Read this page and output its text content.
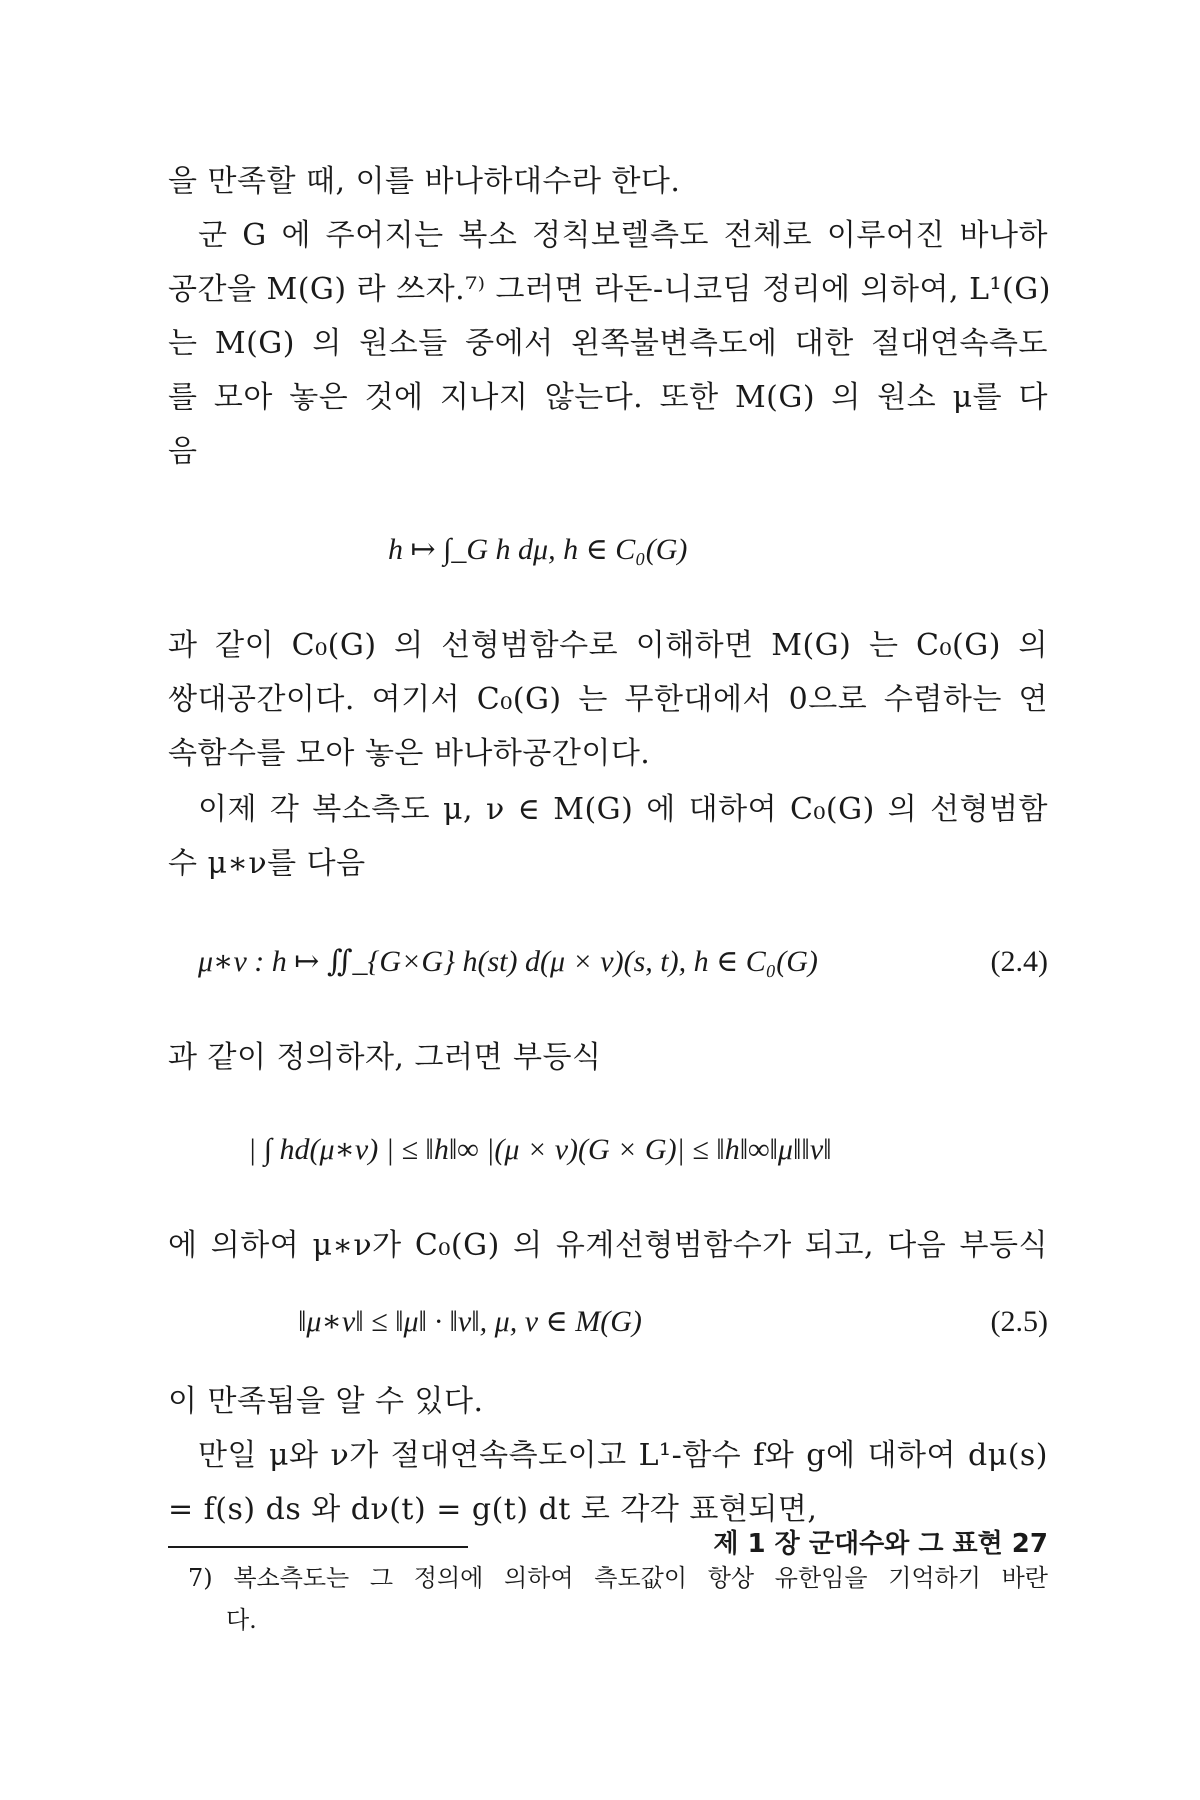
을 만족할 때, 이를 바나하대수라 한다.
군 G 에 주어지는 복소 정칙보렐측도 전체로 이루어진 바나하
공간을 M(G) 라 쓰자.⁷⁾ 그러면 라돈-니코딤 정리에 의하여, L¹(G)
는 M(G) 의 원소들 중에서 왼쪽불변측도에 대한 절대연속측도
를 모아 놓은 것에 지나지 않는다. 또한 M(G) 의 원소 μ를 다
음
h ↦ ∫_G h dμ, h ∈ C₀(G)
과 같이 C₀(G) 의 선형범함수로 이해하면 M(G) 는 C₀(G) 의
쌍대공간이다. 여기서 C₀(G) 는 무한대에서 0으로 수렴하는 연
속함수를 모아 놓은 바나하공간이다.
이제 각 복소측도 μ, ν ∈ M(G) 에 대하여 C₀(G) 의 선형범함
수 μ∗ν를 다음
μ∗ν : h ↦ ∬_{G×G} h(st) d(μ × ν)(s, t), h ∈ C₀(G)	(2.4)
과 같이 정의하자, 그러면 부등식
| ∫ hd(μ∗ν) | ≤ ‖h‖∞ |(μ × ν)(G × G)| ≤ ‖h‖∞‖μ‖‖ν‖
에 의하여 μ∗ν가 C₀(G) 의 유계선형범함수가 되고, 다음 부등식
‖μ∗ν‖ ≤ ‖μ‖ · ‖ν‖, μ, ν ∈ M(G)	(2.5)
이 만족됨을 알 수 있다.
만일 μ와 ν가 절대연속측도이고 L¹-함수 f와 g에 대하여 dμ(s)
= f(s) ds 와 dν(t) = g(t) dt 로 각각 표현되면,
7) 복소측도는 그 정의에 의하여 측도값이 항상 유한임을 기억하기 바란
다.
제 1 장 군대수와 그 표현 27
